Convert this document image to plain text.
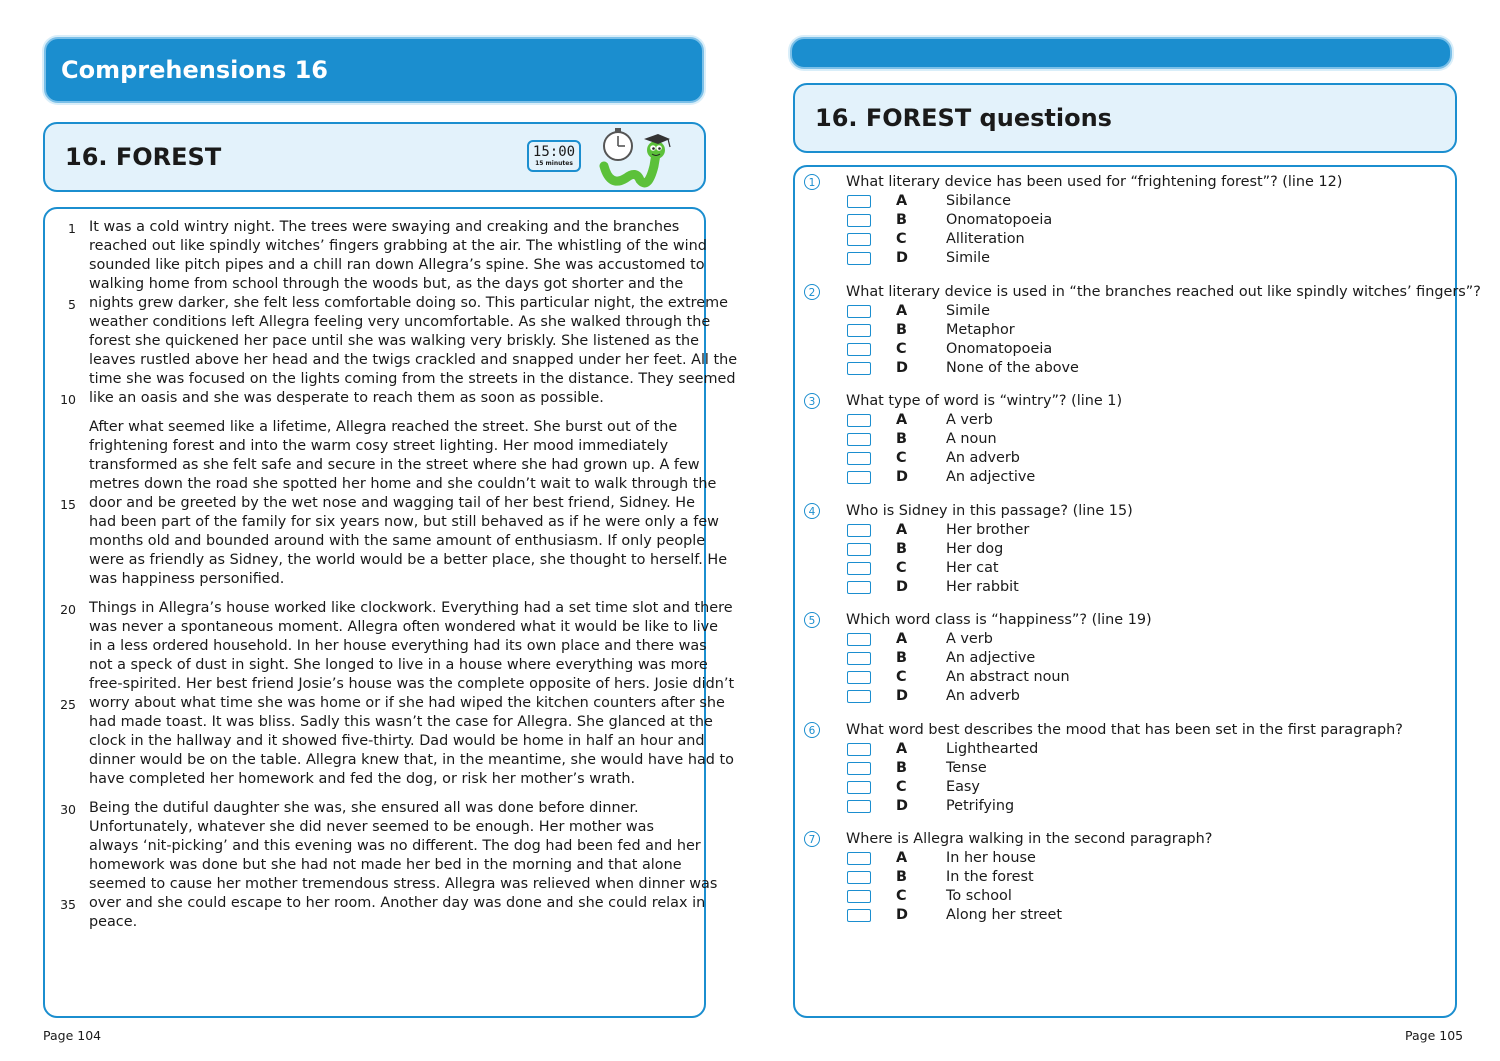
Comprehensions 16
16. FOREST	15:00
15 minutes
1 It was a cold wintry night. The trees were swaying and creaking and the branches
reached out like spindly witches’ fingers grabbing at the air. The whistling of the wind
sounded like pitch pipes and a chill ran down Allegra’s spine. She was accustomed to
walking home from school through the woods but, as the days got shorter and the
5 nights grew darker, she felt less comfortable doing so. This particular night, the extreme
weather conditions left Allegra feeling very uncomfortable. As she walked through the
forest she quickened her pace until she was walking very briskly. She listened as the
leaves rustled above her head and the twigs crackled and snapped under her feet. All the
time she was focused on the lights coming from the streets in the distance. They seemed
10 like an oasis and she was desperate to reach them as soon as possible.
After what seemed like a lifetime, Allegra reached the street. She burst out of the
frightening forest and into the warm cosy street lighting. Her mood immediately
transformed as she felt safe and secure in the street where she had grown up. A few
metres down the road she spotted her home and she couldn’t wait to walk through the
15 door and be greeted by the wet nose and wagging tail of her best friend, Sidney. He
had been part of the family for six years now, but still behaved as if he were only a few
months old and bounded around with the same amount of enthusiasm. If only people
were as friendly as Sidney, the world would be a better place, she thought to herself. He
was happiness personified.
20 Things in Allegra’s house worked like clockwork. Everything had a set time slot and there
was never a spontaneous moment. Allegra often wondered what it would be like to live
in a less ordered household. In her house everything had its own place and there was
not a speck of dust in sight. She longed to live in a house where everything was more
free-spirited. Her best friend Josie’s house was the complete opposite of hers. Josie didn’t
25 worry about what time she was home or if she had wiped the kitchen counters after she
had made toast. It was bliss. Sadly this wasn’t the case for Allegra. She glanced at the
clock in the hallway and it showed five-thirty. Dad would be home in half an hour and
dinner would be on the table. Allegra knew that, in the meantime, she would have had to
have completed her homework and fed the dog, or risk her mother’s wrath.
30 Being the dutiful daughter she was, she ensured all was done before dinner.
Unfortunately, whatever she did never seemed to be enough. Her mother was
always ‘nit-picking’ and this evening was no different. The dog had been fed and her
homework was done but she had not made her bed in the morning and that alone
seemed to cause her mother tremendous stress. Allegra was relieved when dinner was
35 over and she could escape to her room. Another day was done and she could relax in
peace.
Page 104
16. FOREST questions
1	What literary device has been used for “frightening forest”? (line 12)
A	Sibilance
B	Onomatopoeia
C	Alliteration
D	Simile
2	What literary device is used in “the branches reached out like spindly witches’ fingers”?
A	Simile
B	Metaphor
C	Onomatopoeia
D	None of the above
3	What type of word is “wintry”? (line 1)
A	A verb
B	A noun
C	An adverb
D	An adjective
4	Who is Sidney in this passage? (line 15)
A	Her brother
B	Her dog
C	Her cat
D	Her rabbit
5	Which word class is “happiness”? (line 19)
A	A verb
B	An adjective
C	An abstract noun
D	An adverb
6	What word best describes the mood that has been set in the first paragraph?
A	Lighthearted
B	Tense
C	Easy
D	Petrifying
7	Where is Allegra walking in the second paragraph?
A	In her house
B	In the forest
C	To school
D	Along her street
Page 105
